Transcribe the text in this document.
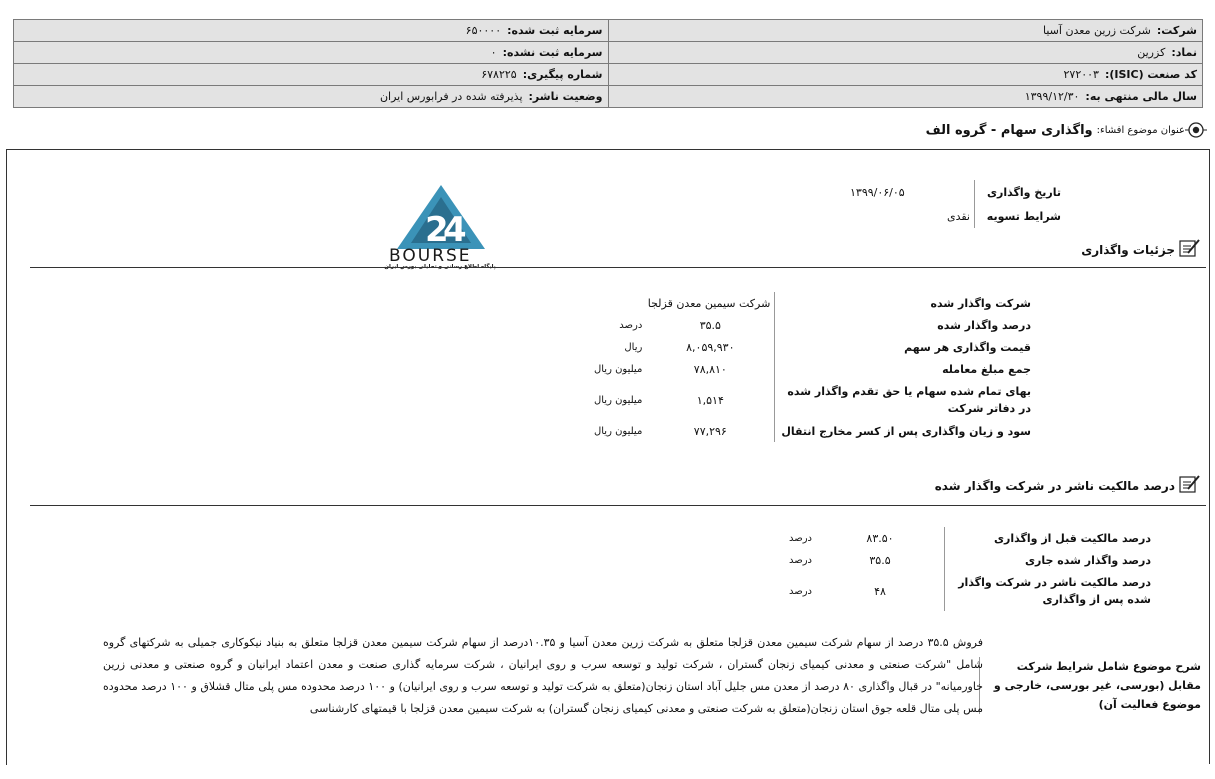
شرکت:شرکت زرین معدن آسیا	سرمایه ثبت شده:۶۵۰۰۰۰
نماد:کزرین	سرمایه ثبت نشده:۰
کد صنعت (ISIC):۲۷۲۰۰۳	شماره پیگیری:۶۷۸۲۲۵
سال مالی منتهی به:۱۳۹۹/۱۲/۳۰	وضعیت ناشر:پذیرفته شده در فرابورس ایران
عنوان موضوع افشاء:
واگذاری سهام - گروه الف
2
4
BOURSE
تاریخ واگذاری	۱۳۹۹/۰۶/۰۵
شرایط تسویه	نقدی
جزئیات واگذاری
شرکت واگذار شده	شرکت سیمین معدن قزلجا	
درصد واگذار شده	۳۵.۵	درصد
قیمت واگذاری هر سهم	۸,۰۵۹,۹۳۰	ریال
جمع مبلغ معامله	۷۸,۸۱۰	میلیون ریال
بهای تمام شده سهام یا حق تقدم واگذار شده در دفاتر شرکت	۱,۵۱۴	میلیون ریال
سود و زیان واگذاری پس از کسر مخارج انتقال	۷۷,۲۹۶	میلیون ریال
درصد مالکیت ناشر در شرکت واگذار شده
درصد مالکیت قبل از واگذاری	۸۳.۵۰	درصد
درصد واگذار شده جاری	۳۵.۵	درصد
درصد مالکیت ناشر در شرکت واگذار شده پس از واگذاری	۴۸	درصد
شرح موضوع شامل شرایط شرکت مقابل (بورسی، غیر بورسی، خارجی و موضوع فعالیت آن)
فروش ۳۵.۵ درصد از سهام شرکت سیمین معدن قزلجا متعلق به شرکت زرین معدن آسیا و ۱۰.۳۵درصد از سهام شرکت سیمین معدن قزلجا متعلق به بنیاد نیکوکاری جمیلی به شرکتهای گروه شامل "شرکت صنعتی و معدنی کیمیای زنجان گستران ، شرکت تولید و توسعه سرب و روی ایرانیان ، شرکت سرمایه گذاری صنعت و معدن اعتماد ایرانیان و گروه صنعتی و معدنی زرین خاورمیانه" در قبال واگذاری ۸۰ درصد از معدن مس جلیل آباد استان زنجان(متعلق به شرکت تولید و توسعه سرب و روی ایرانیان) و ۱۰۰ درصد محدوده مس پلی متال قشلاق و ۱۰۰ درصد محدوده مس پلی متال قلعه جوق استان زنجان(متعلق به شرکت صنعتی و معدنی کیمیای زنجان گستران) به شرکت سیمین معدن قزلجا با قیمتهای کارشناسی
